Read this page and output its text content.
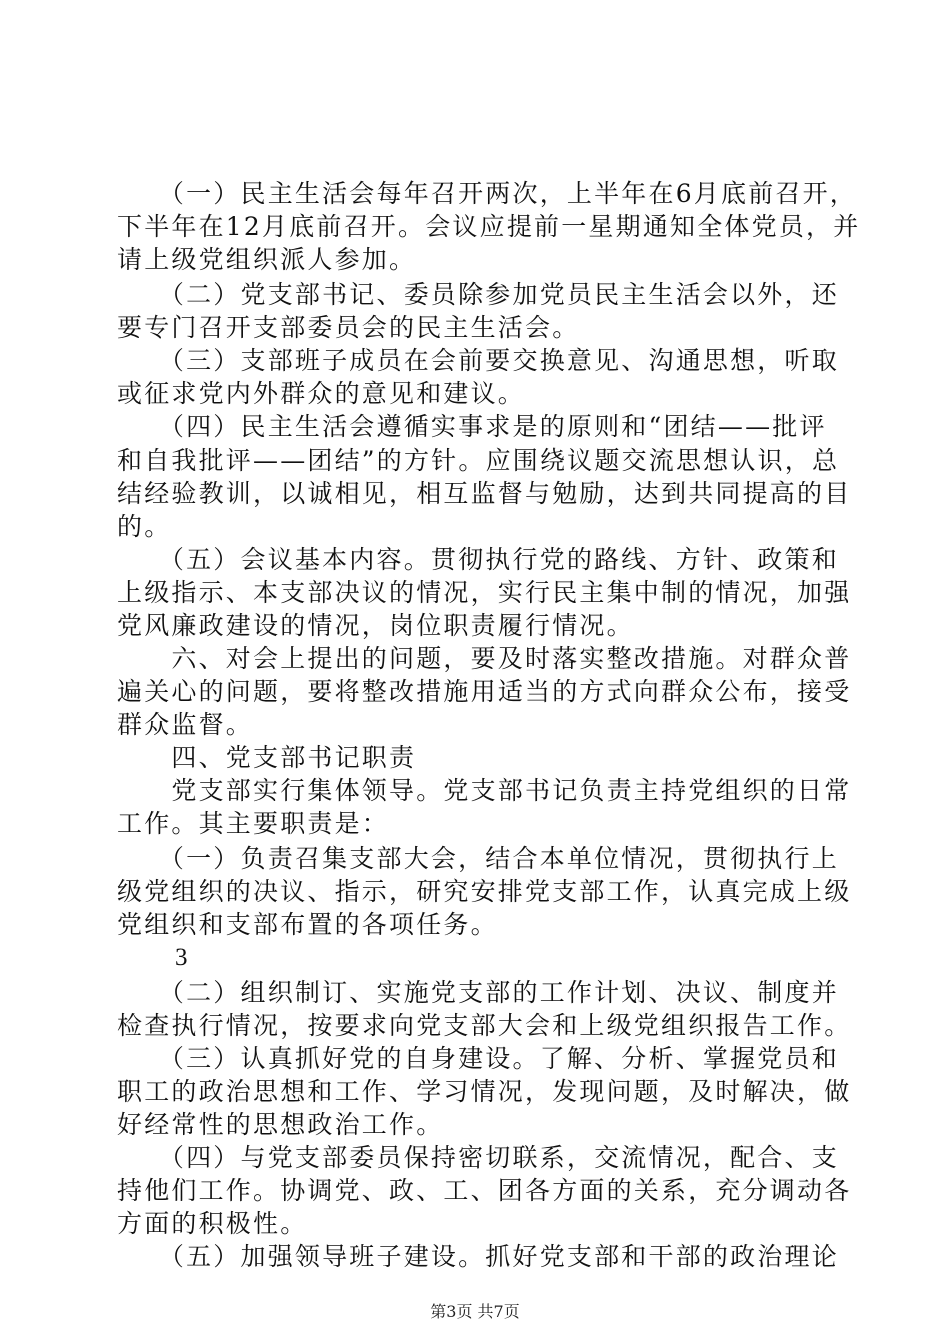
　　（一）民主生活会每年召开两次，上半年在6月底前召开，
下半年在12月底前召开。会议应提前一星期通知全体党员，并
请上级党组织派人参加。
　　（二）党支部书记、委员除参加党员民主生活会以外，还
要专门召开支部委员会的民主生活会。
　　（三）支部班子成员在会前要交换意见、沟通思想，听取
或征求党内外群众的意见和建议。
　　（四）民主生活会遵循实事求是的原则和“团结——批评
和自我批评——团结”的方针。应围绕议题交流思想认识，总
结经验教训，以诚相见，相互监督与勉励，达到共同提高的目
的。
　　（五）会议基本内容。贯彻执行党的路线、方针、政策和
上级指示、本支部决议的情况，实行民主集中制的情况，加强
党风廉政建设的情况，岗位职责履行情况。
　　六、对会上提出的问题，要及时落实整改措施。对群众普
遍关心的问题，要将整改措施用适当的方式向群众公布，接受
群众监督。
　　四、党支部书记职责
　　党支部实行集体领导。党支部书记负责主持党组织的日常
工作。其主要职责是：
　　（一）负责召集支部大会，结合本单位情况，贯彻执行上
级党组织的决议、指示，研究安排党支部工作，认真完成上级
党组织和支部布置的各项任务。
3
　　（二）组织制订、实施党支部的工作计划、决议、制度并
检查执行情况，按要求向党支部大会和上级党组织报告工作。
　　（三）认真抓好党的自身建设。了解、分析、掌握党员和
职工的政治思想和工作、学习情况，发现问题，及时解决，做
好经常性的思想政治工作。
　　（四）与党支部委员保持密切联系，交流情况，配合、支
持他们工作。协调党、政、工、团各方面的关系，充分调动各
方面的积极性。
　　（五）加强领导班子建设。抓好党支部和干部的政治理论
第3页 共7页
